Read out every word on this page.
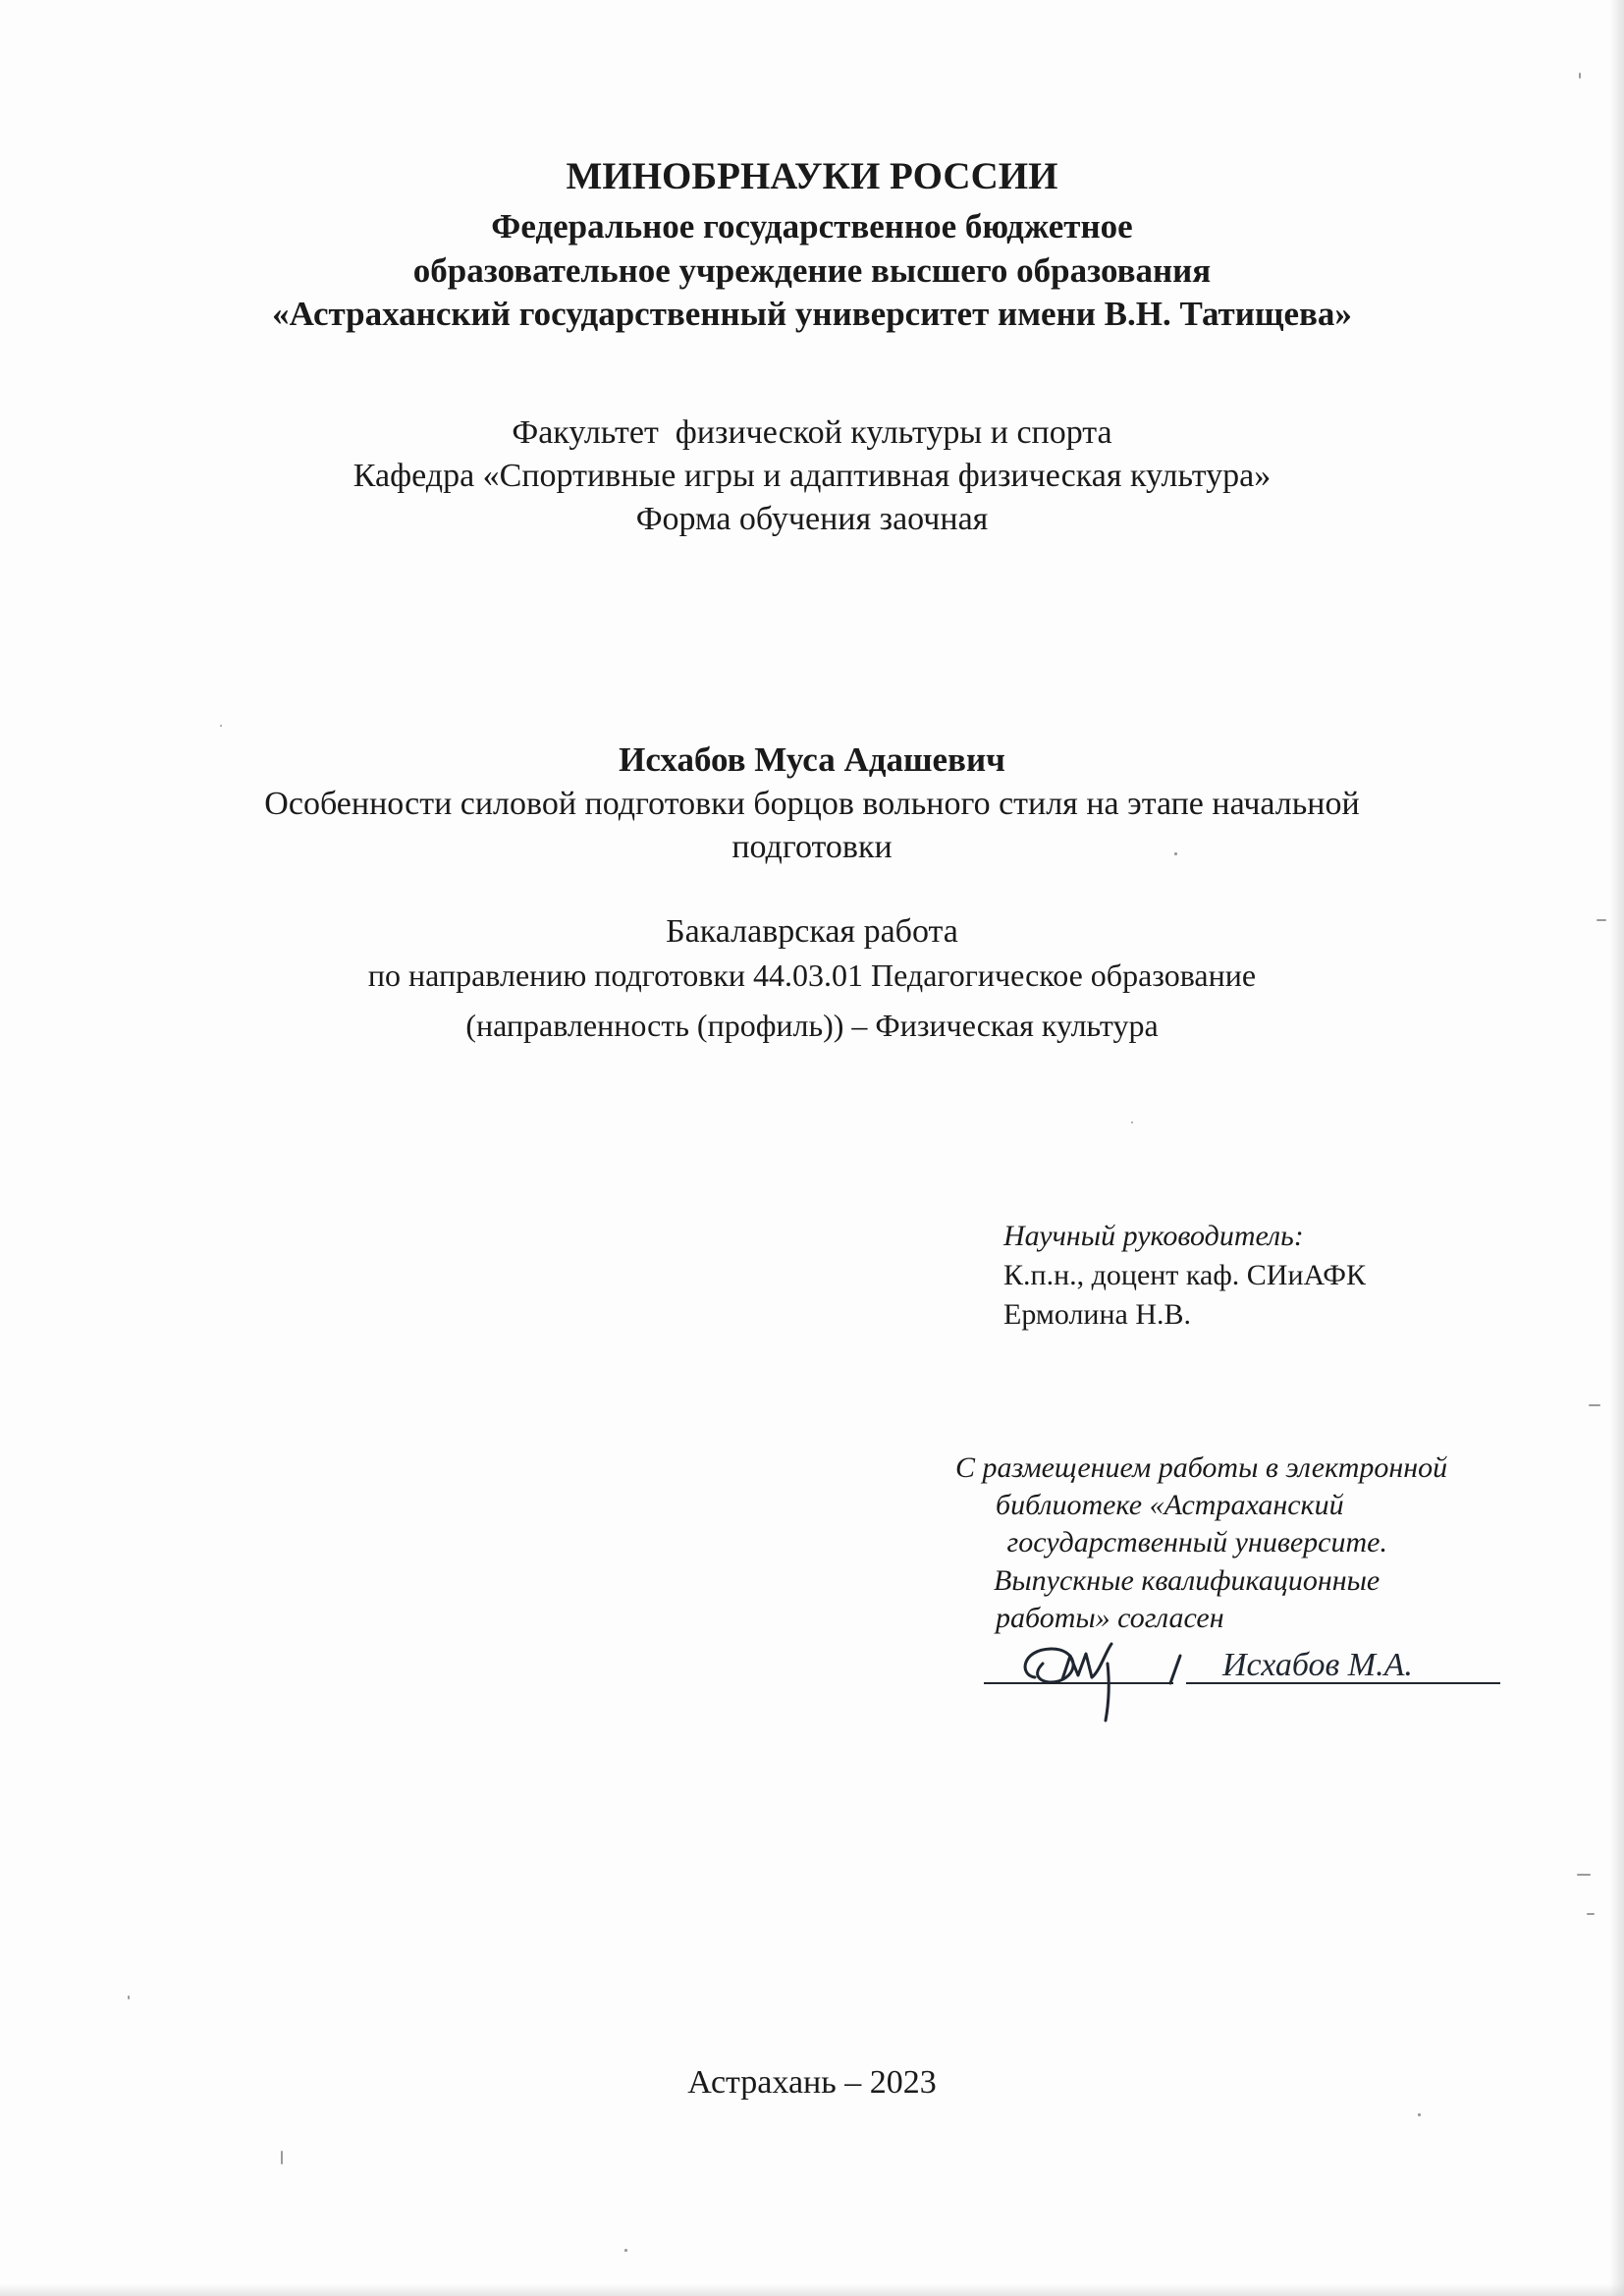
МИНОБРНАУКИ РОССИИ
Федеральное государственное бюджетное
образовательное учреждение высшего образования
«Астраханский государственный университет имени В.Н. Татищева»
Факультет  физической культуры и спорта
Кафедра «Спортивные игры и адаптивная физическая культура»
Форма обучения заочная
Исхабов Муса Адашевич
Особенности силовой подготовки борцов вольного стиля на этапе начальной
подготовки
Бакалаврская работа
по направлению подготовки 44.03.01 Педагогическое образование
(направленность (профиль)) – Физическая культура
Научный руководитель:
К.п.н., доцент каф. СИиАФК
Ермолина Н.В.
С размещением работы в электронной
библиотеке «Астраханский
государственный университе.
Выпускные квалификационные
работы» согласен
Исхабов М.А.
Астрахань – 2023
